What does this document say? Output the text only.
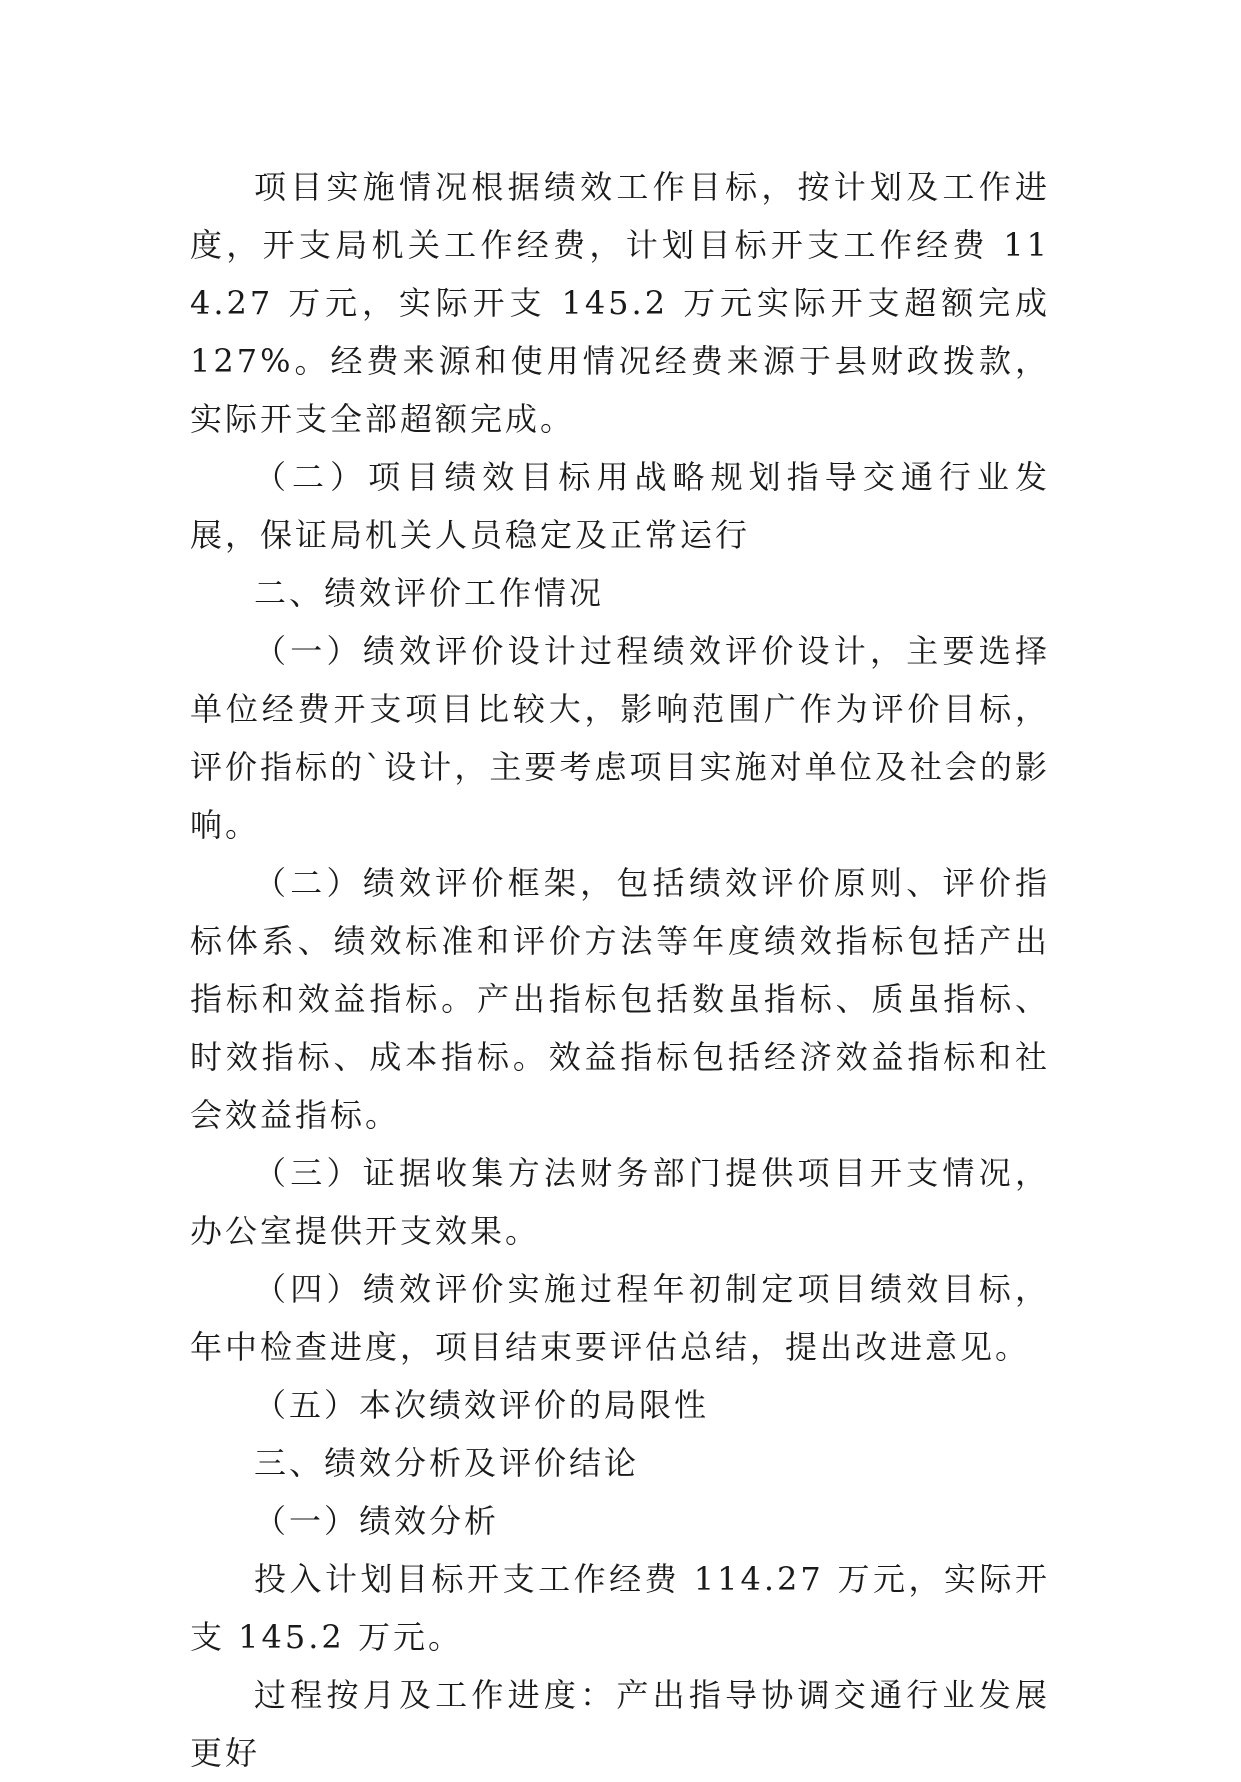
项目实施情况根据绩效工作目标，按计划及工作进度，开支局机关工作经费，计划目标开支工作经费 114.27 万元，实际开支 145.2 万元实际开支超额完成 127%。经费来源和使用情况经费来源于县财政拨款，实际开支全部超额完成。

（二）项目绩效目标用战略规划指导交通行业发展，保证局机关人员稳定及正常运行

二、绩效评价工作情况

（一）绩效评价设计过程绩效评价设计，主要选择单位经费开支项目比较大，影响范围广作为评价目标，评价指标的`设计，主要考虑项目实施对单位及社会的影响。

（二）绩效评价框架，包括绩效评价原则、评价指标体系、绩效标准和评价方法等年度绩效指标包括产出指标和效益指标。产出指标包括数虽指标、质虽指标、时效指标、成本指标。效益指标包括经济效益指标和社会效益指标。

（三）证据收集方法财务部门提供项目开支情况，办公室提供开支效果。

（四）绩效评价实施过程年初制定项目绩效目标，年中检查进度，项目结束要评估总结，提出改进意见。

（五）本次绩效评价的局限性

三、绩效分析及评价结论

（一）绩效分析

投入计划目标开支工作经费 114.27 万元，实际开支 145.2 万元。

过程按月及工作进度：产出指导协调交通行业发展更好
